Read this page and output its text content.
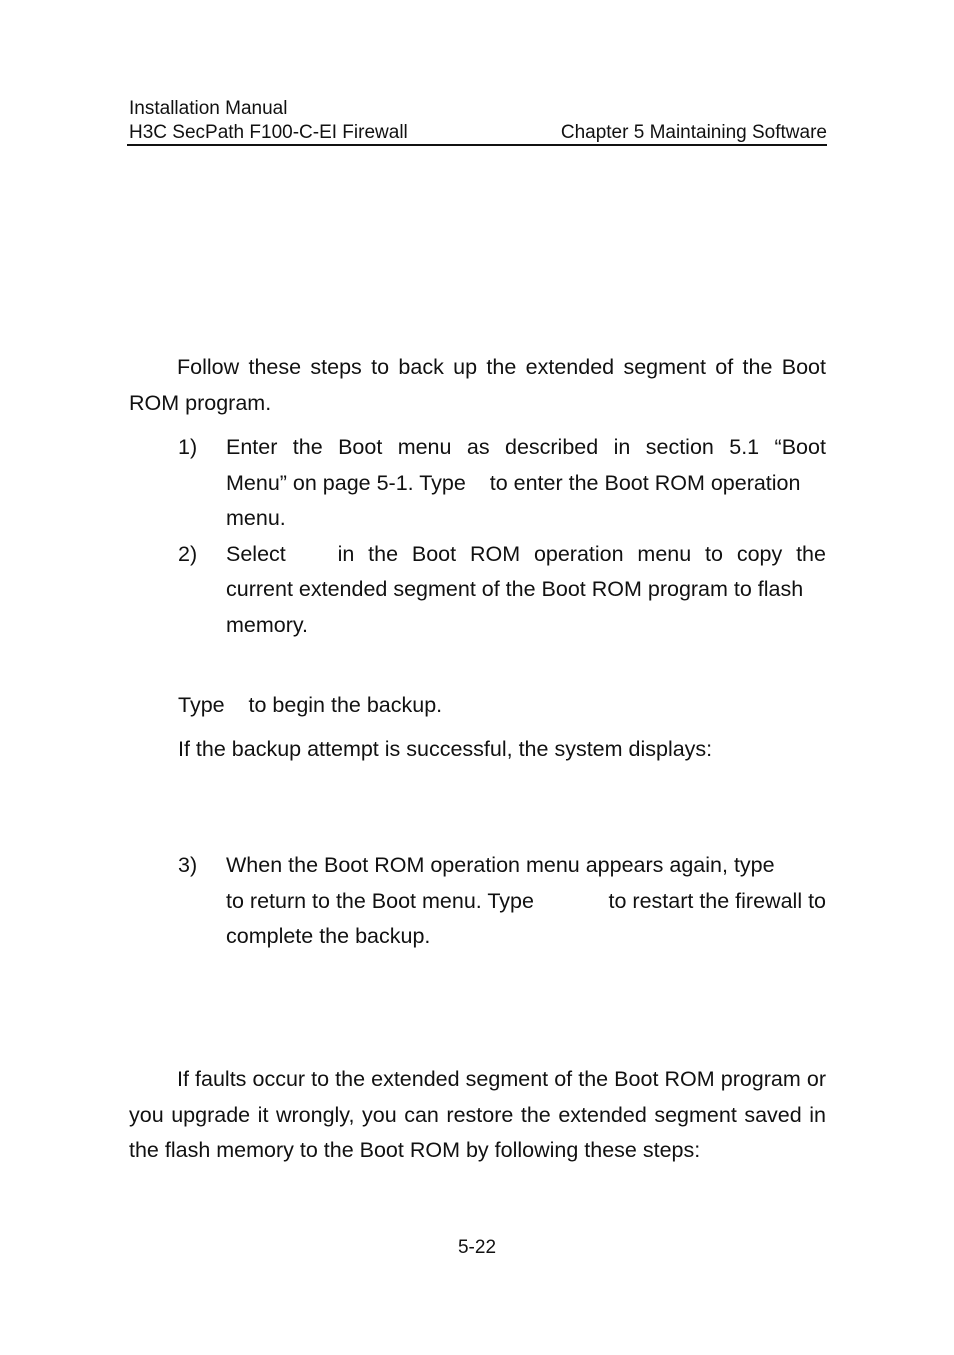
Installation Manual
H3C SecPath F100-C-EI Firewall	Chapter 5 Maintaining Software

Follow these steps to back up the extended segment of the Boot ROM program.

1) Enter the Boot menu as described in section 5.1 “Boot
Menu” on page 5-1. Type    to enter the Boot ROM operation
menu.
2) Select in the Boot ROM operation menu to copy the
current extended segment of the Boot ROM program to flash
memory.
Type    to begin the backup.
If the backup attempt is successful, the system displays:
3) When the Boot ROM operation menu appears again, type
to return to the Boot menu. Type	to restart the firewall to
complete the backup.

If faults occur to the extended segment of the Boot ROM program or you upgrade it wrongly, you can restore the extended segment saved in the flash memory to the Boot ROM by following these steps:

5-22
